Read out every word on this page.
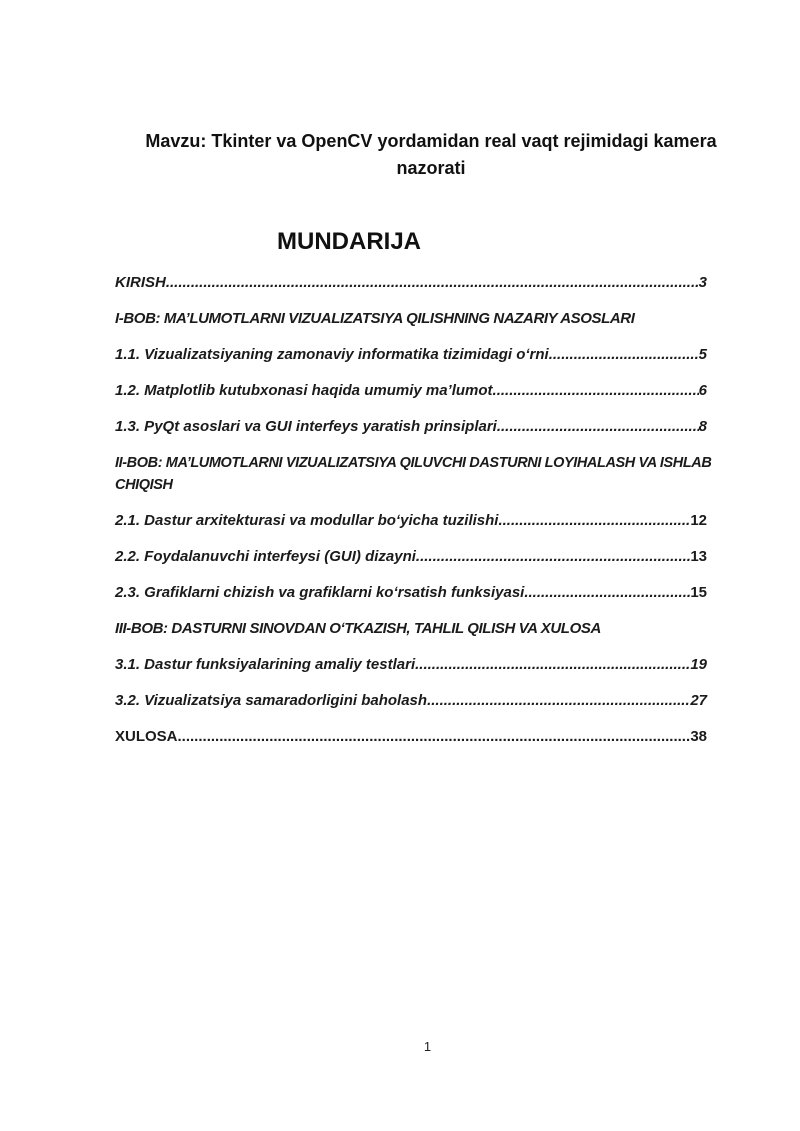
Mavzu: Tkinter va OpenCV yordamidan real vaqt rejimidagi kamera nazorati
MUNDARIJA
KIRISH .....	3
I-BOB: MA’LUMOTLARNI VIZUALIZATSIYA QILISHNING NAZARIY ASOSLARI
1.1. Vizualizatsiyaning zamonaviy informatika tizimidagi oʻrni .....	5
1.2. Matplotlib kutubxonasi haqida umumiy ma’lumot .....	6
1.3. PyQt asoslari va GUI interfeys yaratish prinsiplari .....	8
II-BOB: MA’LUMOTLARNI VIZUALIZATSIYA QILUVCHI DASTURNI LOYIHALASH VA ISHLAB CHIQISH
2.1. Dastur arxitekturasi va modullar boʻyicha tuzilishi .....	12
2.2. Foydalanuvchi interfeysi (GUI) dizayni .....	13
2.3. Grafiklarni chizish va grafiklarni koʻrsatish funksiyasi .....	15
III-BOB: DASTURNI SINOVDAN OʻTKAZISH, TAHLIL QILISH VA XULOSA
3.1. Dastur funksiyalarining amaliy testlari .....	19
3.2. Vizualizatsiya samaradorligini baholash .....	27
XULOSA .....	38
1
